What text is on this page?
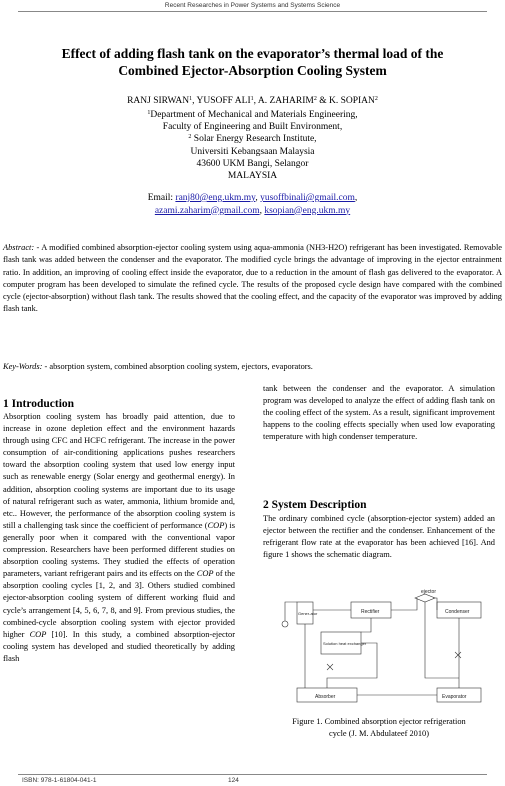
Recent Researches in Power Systems and Systems Science
Effect of adding flash tank on the evaporator’s thermal load of the
Combined Ejector-Absorption Cooling System
RANJ SIRWAN$^1$, YUSOFF ALI$^1$, A. ZAHARIM$^2$ & K. SOPIAN$^2$
$^1$Department of Mechanical and Materials Engineering,
Faculty of Engineering and Built Environment,
$^2$ Solar Energy Research Institute,
Universiti Kebangsaan Malaysia
43600 UKM Bangi, Selangor
MALAYSIA
Email: ranj80@eng.ukm.my, yusoffbinali@gmail.com,
azami.zaharim@gmail.com, ksopian@eng.ukm.my
Abstract: - A modified combined absorption-ejector cooling system using aqua-ammonia (NH3-H2O) refrigerant has been investigated. Removable flash tank was added between the condenser and the evaporator. The modified cycle brings the advantage of improving in the ejector entrainment ratio. In addition, an improving of cooling effect inside the evaporator, due to a reduction in the amount of flash gas delivered to the evaporator. A computer program has been developed to simulate the refined cycle. The results of the proposed cycle design have compared with the combined cycle (ejector-absorption) without flash tank. The results showed that the cooling effect, and the capacity of the evaporator was improved by adding flash tank.
Key-Words: - absorption system, combined absorption cooling system, ejectors, evaporators.
1 Introduction

Absorption cooling system has broadly paid attention, due to increase in ozone depletion effect and the environment hazards through using CFC and HCFC refrigerant. The increase in the power consumption of air-conditioning applications pushes researchers toward the absorption cooling system that used low energy input such as renewable energy (Solar energy and geothermal energy). In addition, absorption cooling systems are important due to its usage of natural refrigerant such as water, ammonia, lithium bromide and, etc.. However, the performance of the absorption cooling system is still a challenging task since the coefficient of performance (COP) is generally poor when it compared with the conventional vapor compression. Researchers have been performed different studies on absorption cooling systems. They studied the effects of operation parameters, variant refrigerant pairs and its effects on the COP of the absorption cooling cycles [1, 2, and 3]. Others studied combined ejector-absorption cooling system of different working fluid and cycle’s arrangement [4, 5, 6, 7, 8, and 9]. From previous studies, the combined-cycle absorption cooling system with ejector provided higher COP [10]. In this study, a combined absorption-ejector cooling system has developed and studied theoretically by adding flash

tank between the condenser and the evaporator. A simulation program was developed to analyze the effect of adding flash tank on the cooling effect of the system. As a result, significant improvement happens to the cooling effects specially when used low evaporating temperature with high condenser temperature.

2 System Description
The ordinary combined cycle (absorption-ejector system) added an ejector between the rectifier and the condenser. Enhancement of the refrigerant flow rate at the evaporator has been achieved [16]. And figure 1 shows the schematic diagram.
ejector
Gener-ator	Rectifier	Condenser
Solution heat exchanger
Evaporator
Absorber
Figure 1. Combined absorption ejector refrigeration
cycle (J. M. Abdulateef 2010)
ISBN: 978-1-61804-041-1	124
